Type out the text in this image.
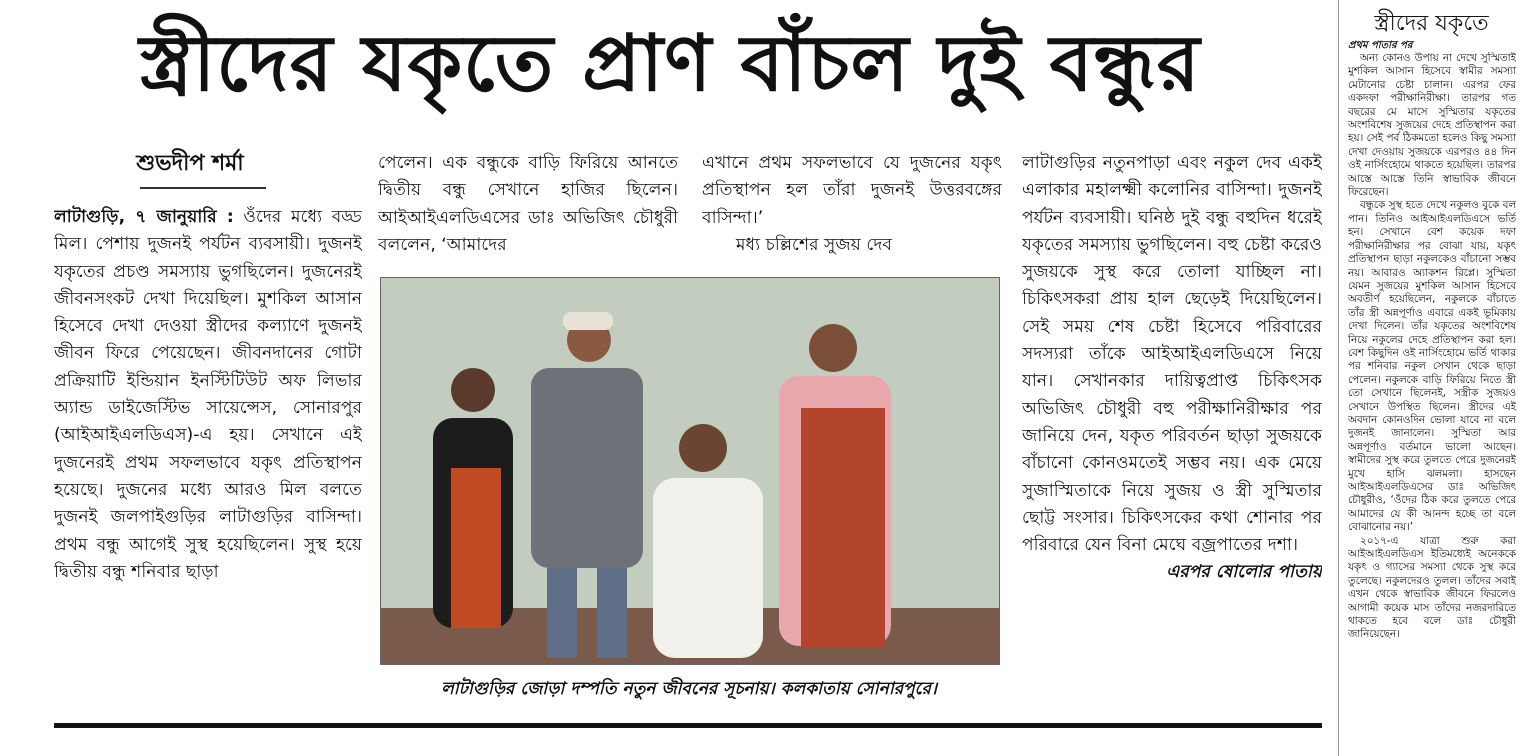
স্ত্রীদের যকৃতে প্রাণ বাঁচল দুই বন্ধুর
শুভদীপ শর্মা

লাটাগুড়ি, ৭ জানুয়ারি : ওঁদের মধ্যে বড্ড মিল। পেশায় দুজনই পর্যটন ব্যবসায়ী। দুজনই যকৃতের প্রচণ্ড সমস্যায় ভুগছিলেন। দুজনেরই জীবনসংকট দেখা দিয়েছিল। মুশকিল আসান হিসেবে দেখা দেওয়া স্ত্রীদের কল্যাণে দুজনই জীবন ফিরে পেয়েছেন। জীবনদানের গোটা প্রক্রিয়াটি ইন্ডিয়ান ইনস্টিটিউট অফ লিভার অ্যান্ড ডাইজেস্টিভ সায়েন্সেস, সোনারপুর (আইআইএলডিএস)-এ হয়। সেখানে এই দুজনেরই প্রথম সফলভাবে যকৃৎ প্রতিস্থাপন হয়েছে। দুজনের মধ্যে আরও মিল বলতে দুজনই জলপাইগুড়ির লাটাগুড়ির বাসিন্দা। প্রথম বন্ধু আগেই সুস্থ হয়েছিলেন। সুস্থ হয়ে দ্বিতীয় বন্ধু শনিবার ছাড়া

পেলেন। এক বন্ধুকে বাড়ি ফিরিয়ে আনতে দ্বিতীয় বন্ধু সেখানে হাজির ছিলেন। আইআইএলডিএসের ডাঃ অভিজিৎ চৌধুরী বললেন, ‘আমাদের

এখানে প্রথম সফলভাবে যে দুজনের যকৃৎ প্রতিস্থাপন হল তাঁরা দুজনই উত্তরবঙ্গের বাসিন্দা।’

মধ্য চল্লিশের সুজয় দেব

লাটাগুড়ির নতুনপাড়া এবং নকুল দেব একই এলাকার মহালক্ষ্মী কলোনির বাসিন্দা। দুজনই পর্যটন ব্যবসায়ী। ঘনিষ্ঠ দুই বন্ধু বহুদিন ধরেই যকৃতের সমস্যায় ভুগছিলেন। বহু চেষ্টা করেও সুজয়কে সুস্থ করে তোলা যাচ্ছিল না। চিকিৎসকরা প্রায় হাল ছেড়েই দিয়েছিলেন। সেই সময় শেষ চেষ্টা হিসেবে পরিবারের সদস্যরা তাঁকে আইআইএলডিএসে নিয়ে যান। সেখানকার দায়িত্বপ্রাপ্ত চিকিৎসক অভিজিৎ চৌধুরী বহু পরীক্ষানিরীক্ষার পর জানিয়ে দেন, যকৃত পরিবর্তন ছাড়া সুজয়কে বাঁচানো কোনওমতেই সম্ভব নয়। এক মেয়ে সুজাস্মিতাকে নিয়ে সুজয় ও স্ত্রী সুস্মিতার ছোট্ট সংসার। চিকিৎসকের কথা শোনার পর পরিবারে যেন বিনা মেঘে বজ্রপাতের দশা।

এরপর ষোলোর পাতায়
লাটাগুড়ির জোড়া দম্পতি নতুন জীবনের সূচনায়। কলকাতায় সোনারপুরে।
স্ত্রীদের যকৃতে
প্রথম পাতার পর

অন্য কোনও উপায় না দেখে সুস্মিতাই মুশকিল আসান হিসেবে স্বামীর সমস্যা মেটানোর চেষ্টা চালান। এরপর ফের একদফা পরীক্ষানিরীক্ষা। তারপর গত বছরের মে মাসে সুস্মিতার যকৃতের অংশবিশেষ সুজয়ের দেহে প্রতিস্থাপন করা হয়। সেই পর্ব ঠিকমতো হলেও কিছু সমস্যা দেখা দেওয়ায় সুজয়কে এরপরও ৪৪ দিন ওই নার্সিংহোমে থাকতে হয়েছিল। তারপর আস্তে আস্তে তিনি স্বাভাবিক জীবনে ফিরেছেন।

বন্ধুকে সুস্থ হতে দেখে নকুলও বুকে বল পান। তিনিও আইআইএলডিএসে ভর্তি হন। সেখানে বেশ কয়েক দফা পরীক্ষানিরীক্ষার পর বোঝা যায়, যকৃৎ প্রতিস্থাপন ছাড়া নকুলকেও বাঁচানো সম্ভব নয়। আবারও অ্যাকশন রিপ্লে। সুস্মিতা যেমন সুজয়ের মুশকিল আসান হিসেবে অবতীর্ণ হয়েছিলেন, নকুলকে বাঁচাতে তাঁর স্ত্রী অন্নপূর্ণাও এবারে একই ভূমিকায় দেখা দিলেন। তাঁর যকৃতের অংশবিশেষ নিয়ে নকুলের দেহে প্রতিস্থাপন করা হল। বেশ কিছুদিন ওই নার্সিংহোমে ভর্তি থাকার পর শনিবার নকুল সেখান থেকে ছাড়া পেলেন। নকুলকে বাড়ি ফিরিয়ে নিতে স্ত্রী তো সেখানে ছিলেনই, সস্ত্রীক সুজয়ও সেখানে উপস্থিত ছিলেন। স্ত্রীদের এই অবদান কোনওদিন ভোলা যাবে না বলে দুজনই জানালেন। সুস্মিতা আর অন্নপূর্ণাও বর্তমানে ভালো আছেন। স্বামীদের সুস্থ করে তুলতে পেরে দুজনেরই মুখে হাসি ঝলমলা। হাসছেন আইআইএলডিএসের ডাঃ অভিজিৎ চৌধুরীও, ‘ওঁদের ঠিক করে তুলতে পেরে আমাদের যে কী আনন্দ হচ্ছে তা বলে বোঝানোর নয়।’

২০১৭-এ যাত্রা শুরু করা আইআইএলডিএস ইতিমধ্যেই অনেককে যকৃৎ ও গ্যাসের সমস্যা থেকে সুস্থ করে তুলেছে। নকুলদেরও তুলল। তাঁদের সবাই এখন থেকে স্বাভাবিক জীবনে ফিরলেও আগামী কয়েক মাস তাঁদের নজরদারিতে থাকতে হবে বলে ডাঃ চৌধুরী জানিয়েছেন।
